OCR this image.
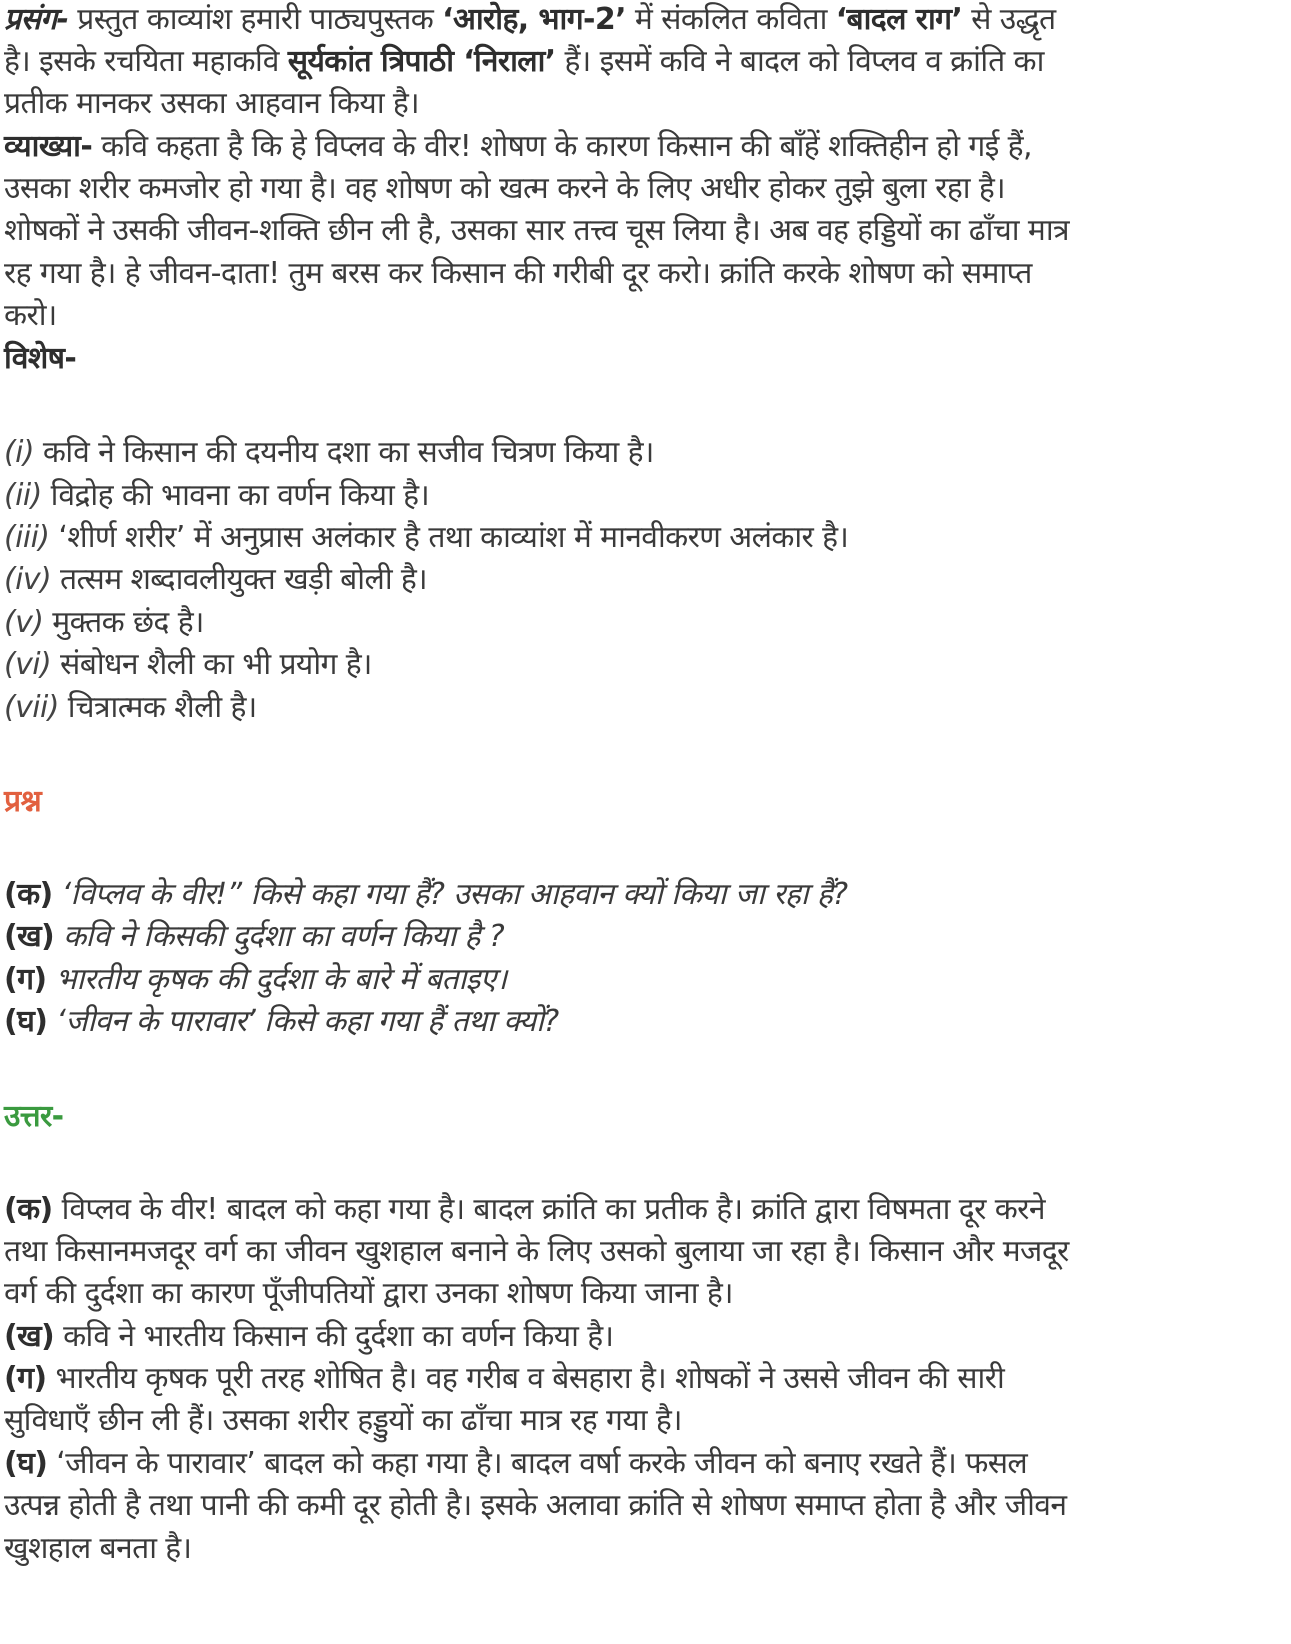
प्रसंग- प्रस्तुत काव्यांश हमारी पाठ्यपुस्तक ‘आरोह, भाग-2’ में संकलित कविता ‘बादल राग’ से उद्धृत
है। इसके रचयिता महाकवि सूर्यकांत त्रिपाठी ‘निराला’ हैं। इसमें कवि ने बादल को विप्लव व क्रांति का
प्रतीक मानकर उसका आहवान किया है।
व्याख्या- कवि कहता है कि हे विप्लव के वीर! शोषण के कारण किसान की बाँहें शक्तिहीन हो गई हैं,
उसका शरीर कमजोर हो गया है। वह शोषण को खत्म करने के लिए अधीर होकर तुझे बुला रहा है।
शोषकों ने उसकी जीवन-शक्ति छीन ली है, उसका सार तत्त्व चूस लिया है। अब वह हड्डियों का ढाँचा मात्र
रह गया है। हे जीवन-दाता! तुम बरस कर किसान की गरीबी दूर करो। क्रांति करके शोषण को समाप्त
करो।
विशेष-
(i) कवि ने किसान की दयनीय दशा का सजीव चित्रण किया है।
(ii) विद्रोह की भावना का वर्णन किया है।
(iii) ‘शीर्ण शरीर’ में अनुप्रास अलंकार है तथा काव्यांश में मानवीकरण अलंकार है।
(iv) तत्सम शब्दावलीयुक्त खड़ी बोली है।
(v) मुक्तक छंद है।
(vi) संबोधन शैली का भी प्रयोग है।
(vii) चित्रात्मक शैली है।
प्रश्न
(क) ‘विप्लव के वीर!” किसे कहा गया हैं? उसका आहवान क्यों किया जा रहा हैं?
(ख) कवि ने किसकी दुर्दशा का वर्णन किया है ?
(ग) भारतीय कृषक की दुर्दशा के बारे में बताइए।
(घ) ‘जीवन के पारावार’ किसे कहा गया हैं तथा क्यों?
उत्तर-
(क) विप्लव के वीर! बादल को कहा गया है। बादल क्रांति का प्रतीक है। क्रांति द्वारा विषमता दूर करने
तथा किसानमजदूर वर्ग का जीवन खुशहाल बनाने के लिए उसको बुलाया जा रहा है। किसान और मजदूर
वर्ग की दुर्दशा का कारण पूँजीपतियों द्वारा उनका शोषण किया जाना है।
(ख) कवि ने भारतीय किसान की दुर्दशा का वर्णन किया है।
(ग) भारतीय कृषक पूरी तरह शोषित है। वह गरीब व बेसहारा है। शोषकों ने उससे जीवन की सारी
सुविधाएँ छीन ली हैं। उसका शरीर हड्डुयों का ढाँचा मात्र रह गया है।
(घ) ‘जीवन के पारावार’ बादल को कहा गया है। बादल वर्षा करके जीवन को बनाए रखते हैं। फसल
उत्पन्न होती है तथा पानी की कमी दूर होती है। इसके अलावा क्रांति से शोषण समाप्त होता है और जीवन
खुशहाल बनता है।
